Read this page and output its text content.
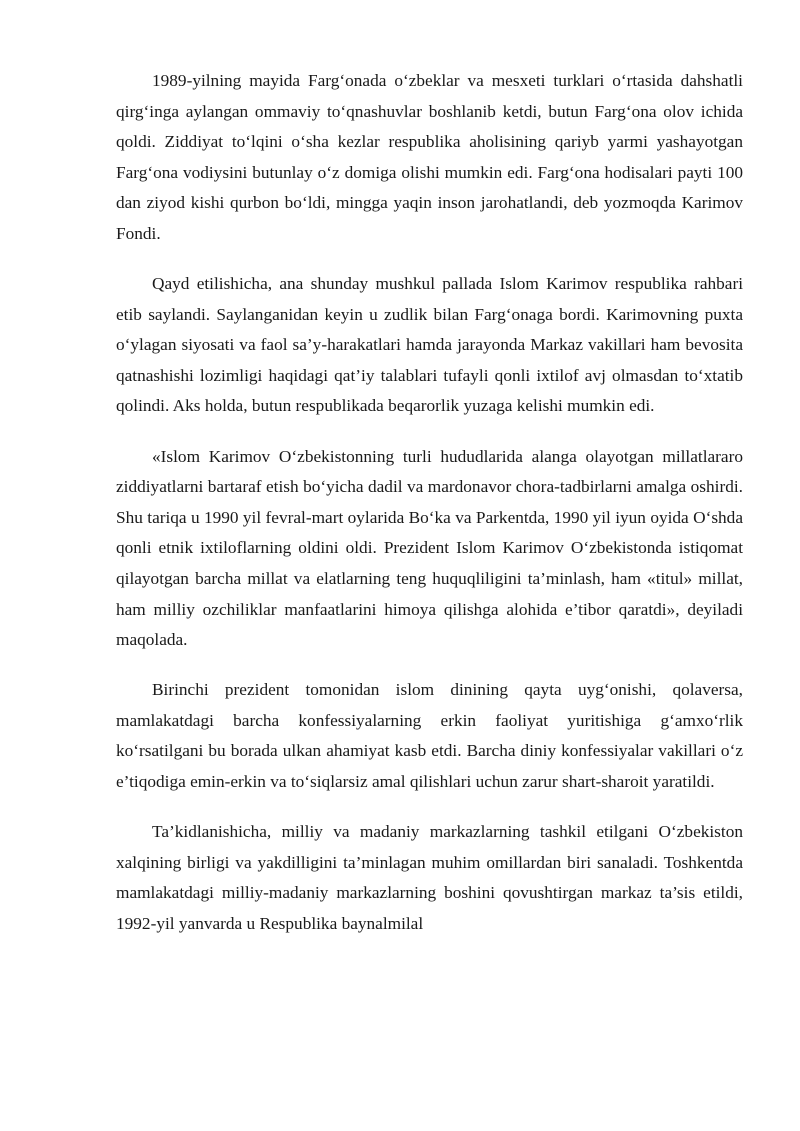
1989-yilning mayida Farg‘onada o‘zbeklar va mesxeti turklari o‘rtasida dahshatli qirg‘inga aylangan ommaviy to‘qnashuvlar boshlanib ketdi, butun Farg‘ona olov ichida qoldi. Ziddiyat to‘lqini o‘sha kezlar respublika aholisining qariyb yarmi yashayotgan Farg‘ona vodiysini butunlay o‘z domiga olishi mumkin edi. Farg‘ona hodisalari payti 100 dan ziyod kishi qurbon bo‘ldi, mingga yaqin inson jarohatlandi, deb yozmoqda Karimov Fondi.

Qayd etilishicha, ana shunday mushkul pallada Islom Karimov respublika rahbari etib saylandi. Saylanganidan keyin u zudlik bilan Farg‘onaga bordi. Karimovning puxta o‘ylagan siyosati va faol sa’y-harakatlari hamda jarayonda Markaz vakillari ham bevosita qatnashishi lozimligi haqidagi qat’iy talablari tufayli qonli ixtilof avj olmasdan to‘xtatib qolindi. Aks holda, butun respublikada beqarorlik yuzaga kelishi mumkin edi.

«Islom Karimov O‘zbekistonning turli hududlarida alanga olayotgan millatlararo ziddiyatlarni bartaraf etish bo‘yicha dadil va mardonavor chora-tadbirlarni amalga oshirdi. Shu tariqa u 1990 yil fevral-mart oylarida Bo‘ka va Parkentda, 1990 yil iyun oyida O‘shda qonli etnik ixtiloflarning oldini oldi. Prezident Islom Karimov O‘zbekistonda istiqomat qilayotgan barcha millat va elatlarning teng huquqliligini ta’minlash, ham «titul» millat, ham milliy ozchiliklar manfaatlarini himoya qilishga alohida e’tibor qaratdi», deyiladi maqolada.

Birinchi prezident tomonidan islom dinining qayta uyg‘onishi, qolaversa, mamlakatdagi barcha konfessiyalarning erkin faoliyat yuritishiga g‘amxo‘rlik ko‘rsatilgani bu borada ulkan ahamiyat kasb etdi. Barcha diniy konfessiyalar vakillari o‘z e’tiqodiga emin-erkin va to‘siqlarsiz amal qilishlari uchun zarur shart-sharoit yaratildi.

Ta’kidlanishicha, milliy va madaniy markazlarning tashkil etilgani O‘zbekiston xalqining birligi va yakdilligini ta’minlagan muhim omillardan biri sanaladi. Toshkentda mamlakatdagi milliy-madaniy markazlarning boshini qovushtirgan markaz ta’sis etildi, 1992-yil yanvarda u Respublika baynalmilal
